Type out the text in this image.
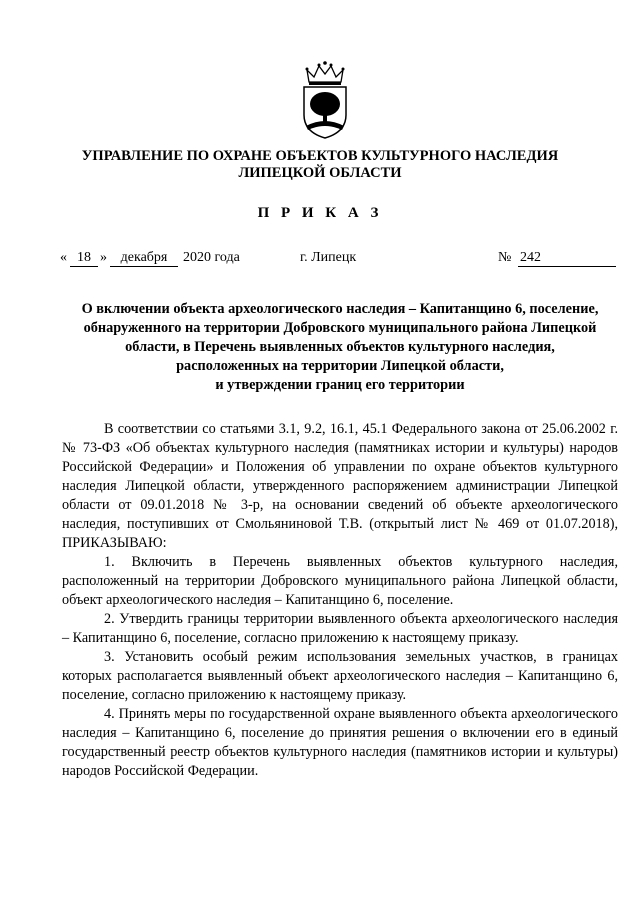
УПРАВЛЕНИЕ ПО ОХРАНЕ ОБЪЕКТОВ КУЛЬТУРНОГО НАСЛЕДИЯ
ЛИПЕЦКОЙ ОБЛАСТИ
П Р И К А З
« 18 » декабря	2020 года	г. Липецк	№ 242
О включении объекта археологического наследия – Капитанщино 6, поселение,
обнаруженного на территории Добровского муниципального района Липецкой
области, в Перечень выявленных объектов культурного наследия,
расположенных на территории Липецкой области,
и утверждении границ его территории

В соответствии со статьями 3.1, 9.2, 16.1, 45.1 Федерального закона от 25.06.2002 г. № 73-ФЗ «Об объектах культурного наследия (памятниках истории и культуры) народов Российской Федерации» и Положения об управлении по охране объектов культурного наследия Липецкой области, утвержденного распоряжением администрации Липецкой области от 09.01.2018 № 3-р, на основании сведений об объекте археологического наследия, поступивших от Смольяниновой Т.В. (открытый лист № 469 от 01.07.2018), ПРИКАЗЫВАЮ:

1. Включить в Перечень выявленных объектов культурного наследия, расположенный на территории Добровского муниципального района Липецкой области, объект археологического наследия – Капитанщино 6, поселение.

2. Утвердить границы территории выявленного объекта археологического наследия – Капитанщино 6, поселение, согласно приложению к настоящему приказу.

3. Установить особый режим использования земельных участков, в границах которых располагается выявленный объект археологического наследия – Капитанщино 6, поселение, согласно приложению к настоящему приказу.

4. Принять меры по государственной охране выявленного объекта археологического наследия – Капитанщино 6, поселение до принятия решения о включении его в единый государственный реестр объектов культурного наследия (памятников истории и культуры) народов Российской Федерации.
